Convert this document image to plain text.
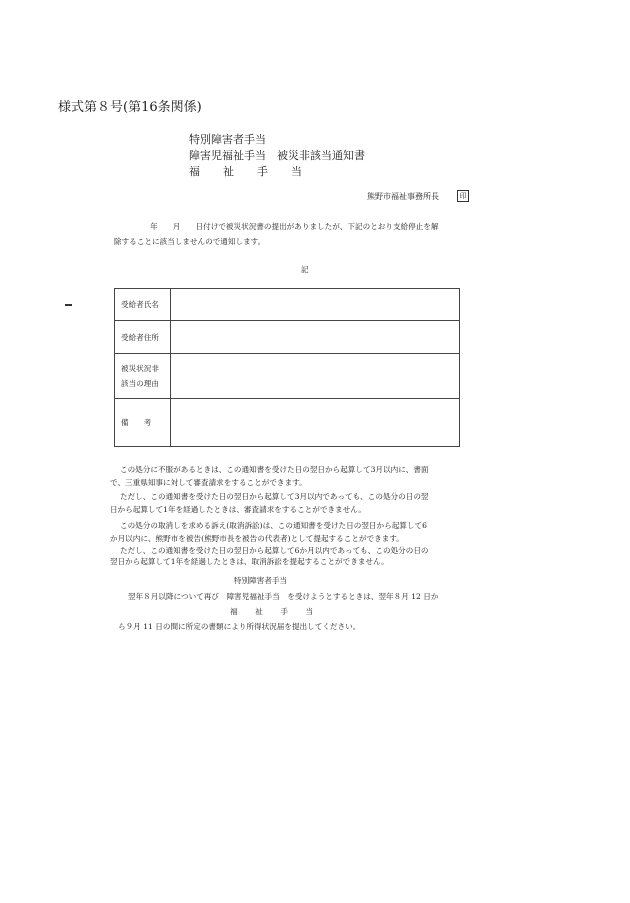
様式第８号(第16条関係)
特別障害者手当
障害児福祉手当 被災非該当通知書
福　祉　手　当
熊野市福祉事務所長	印
年　　月　　日付けで被災状況書の提出がありましたが、下記のとおり支給停止を解
除することに該当しませんので通知します。
記
受給者氏名	
受給者住所	

被災状況非
該当の理由	

備　　考	
この処分に不服があるときは、この通知書を受けた日の翌日から起算して3月以内に、書面
で、三重県知事に対して審査請求をすることができます。
ただし、この通知書を受けた日の翌日から起算して3月以内であっても、この処分の日の翌
日から起算して1年を経過したときは、審査請求をすることができません。
この処分の取消しを求める訴え(取消訴訟)は、この通知書を受けた日の翌日から起算して6
か月以内に、熊野市を被告(熊野市長を被告の代表者)として提起することができます。
ただし、この通知書を受けた日の翌日から起算して6か月以内であっても、この処分の日の
翌日から起算して1年を経過したときは、取消訴訟を提起することができません。
特別障害者手当
翌年８月以降について再び　障害児福祉手当　を受けようとするときは、翌年８月 12 日か
福　祉　手　当
ら９月 11 日の間に所定の書類により所得状況届を提出してください。
